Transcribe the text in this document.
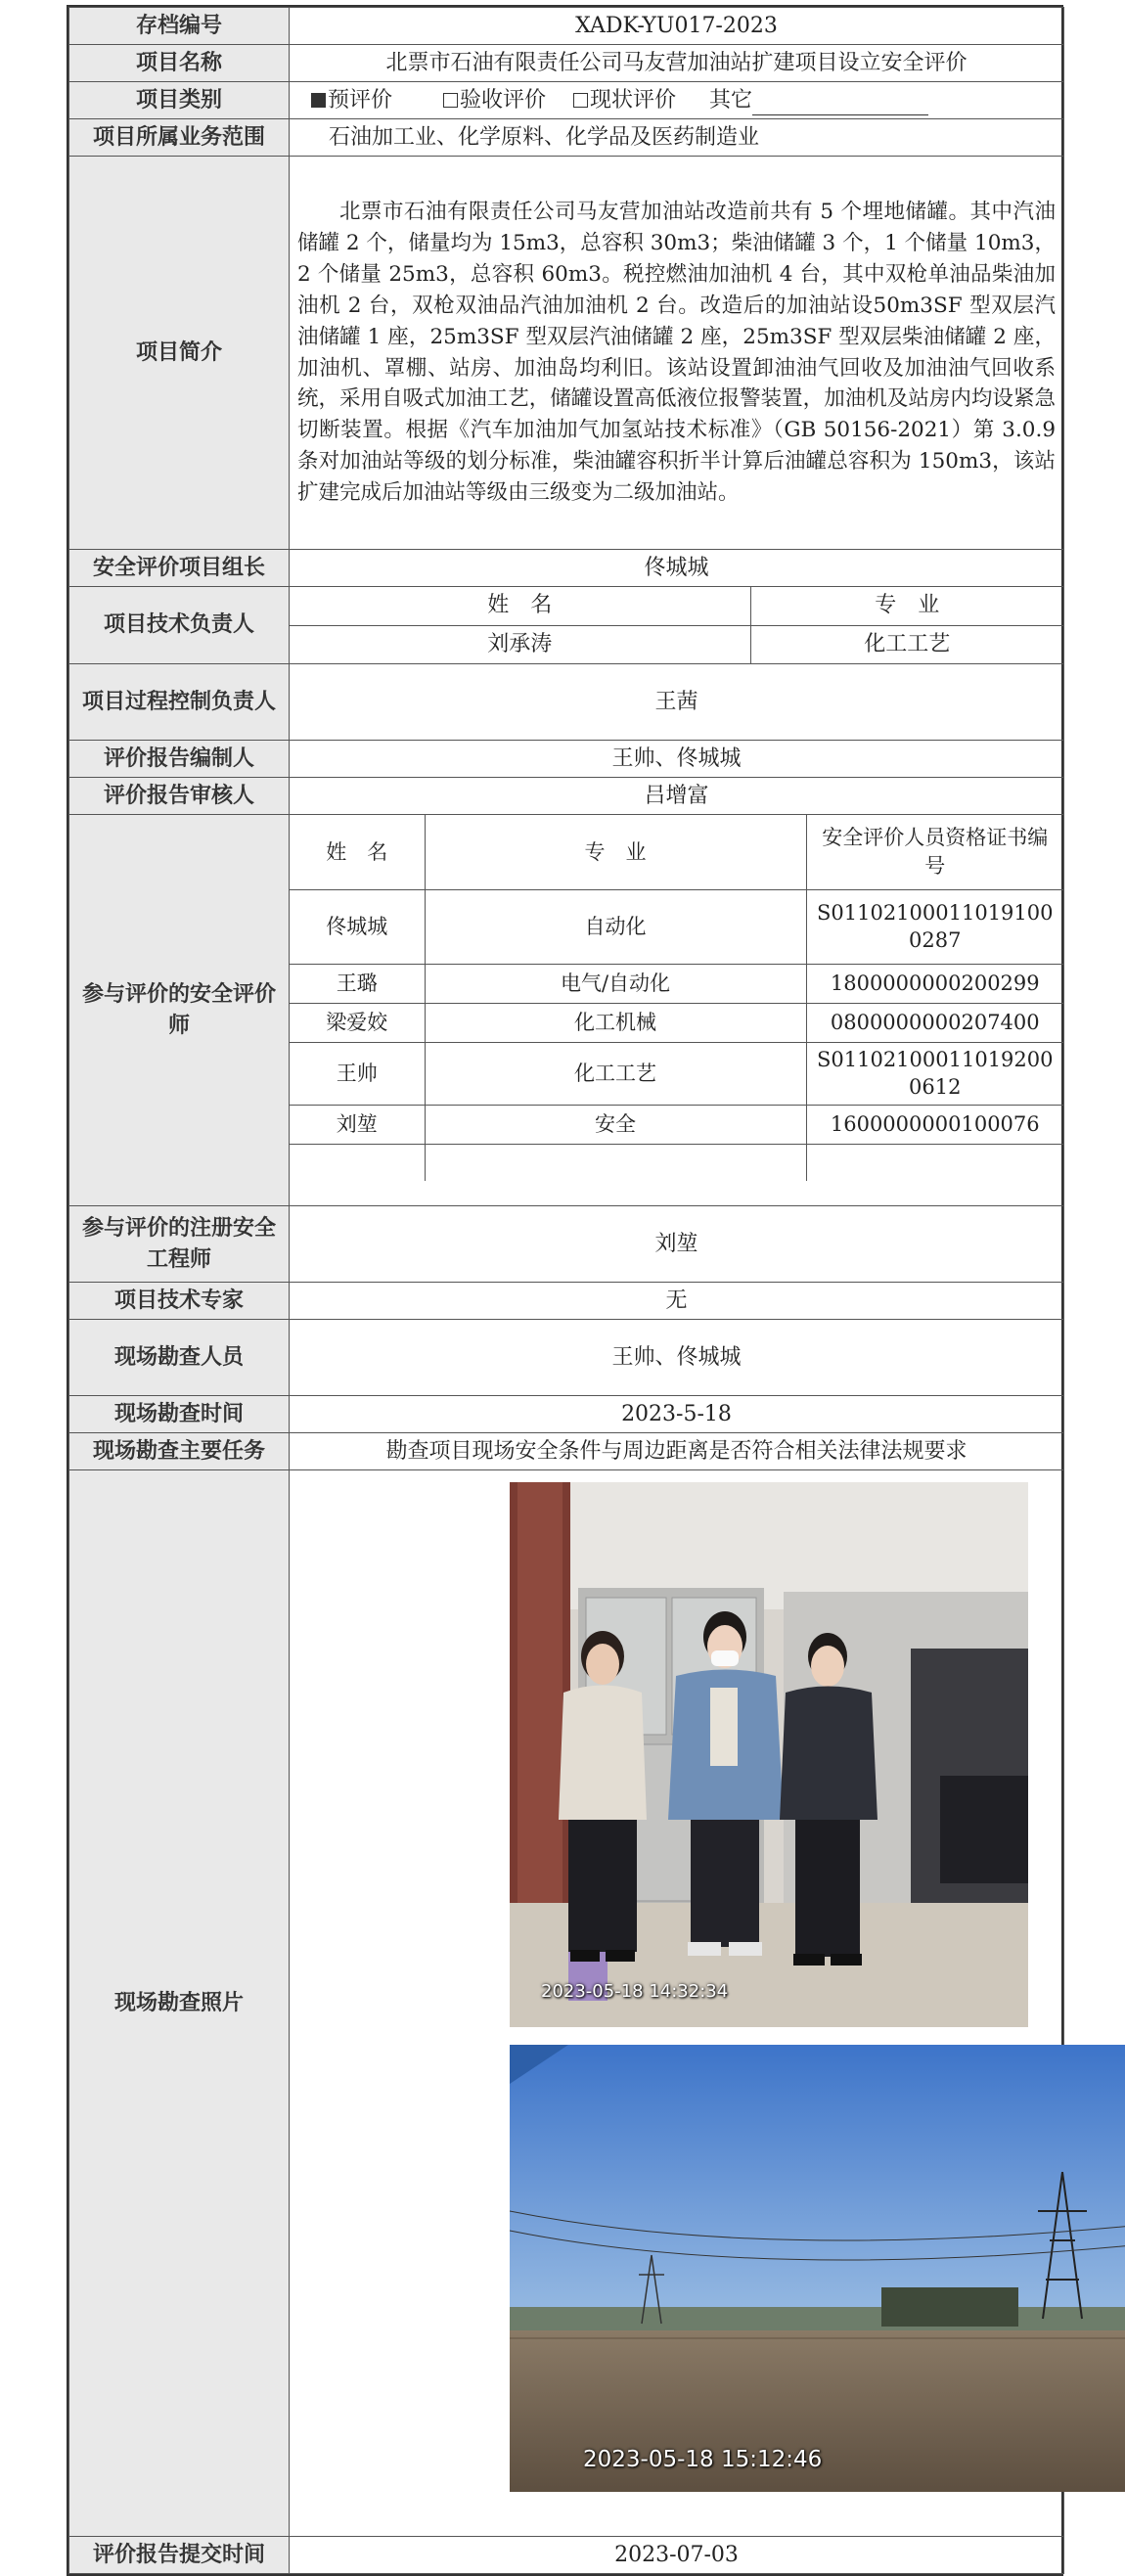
存档编号	XADK-YU017-2023
项目名称	北票市石油有限责任公司马友营加油站扩建项目设立安全评价
项目类别	预评价	验收评价 现状评价 其它
项目所属业务范围	石油加工业、化学原料、化学品及医药制造业
项目简介	北票市石油有限责任公司马友营加油站改造前共有 5 个埋地储罐。其中汽油储罐 2 个，储量均为 15m3，总容积 30m3；柴油储罐 3 个，1 个储量 10m3，2 个储量 25m3，总容积 60m3。税控燃油加油机 4 台，其中双枪单油品柴油加油机 2 台，双枪双油品汽油加油机 2 台。改造后的加油站设50m3SF 型双层汽油储罐 1 座，25m3SF 型双层汽油储罐 2 座，25m3SF 型双层柴油储罐 2 座，加油机、罩棚、站房、加油岛均利旧。该站设置卸油油气回收及加油油气回收系统，采用自吸式加油工艺，储罐设置高低液位报警装置，加油机及站房内均设紧急切断装置。根据《汽车加油加气加氢站技术标准》（GB 50156-2021）第 3.0.9 条对加油站等级的划分标准，柴油罐容积折半计算后油罐总容积为 150m3，该站扩建完成后加油站等级由三级变为二级加油站。
安全评价项目组长	佟城城
项目技术负责人	
姓　名	专　业
刘承涛	化工工艺

项目过程控制负责人	王茜
评价报告编制人	王帅、佟城城
评价报告审核人	吕增富
参与评价的安全评价师	
姓　名	专　业	安全评价人员资格证书编号
佟城城	自动化	S011021000110191000287
王璐	电气/自动化	1800000000200299
梁爱姣	化工机械	0800000000207400
王帅	化工工艺	S011021000110192000612
刘堃	安全	1600000000100076

参与评价的注册安全工程师	刘堃
项目技术专家	无
现场勘查人员	王帅、佟城城
现场勘查时间	2023-5-18
现场勘查主要任务	勘查项目现场安全条件与周边距离是否符合相关法律法规要求
现场勘查照片	2023-05-18 14:32:34
2023-05-18 15:12:46

评价报告提交时间	2023-07-03
